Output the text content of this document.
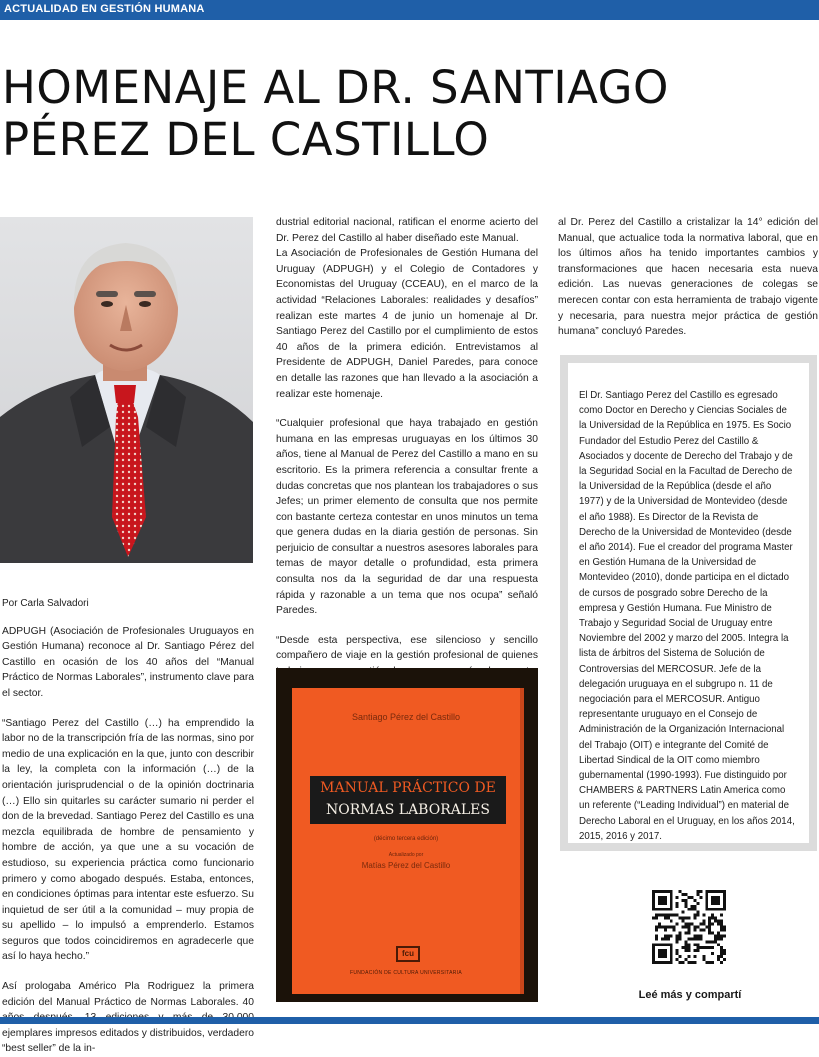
ACTUALIDAD EN GESTIÓN HUMANA
HOMENAJE AL DR. SANTIAGO PÉREZ DEL CASTILLO

Por Carla Salvadori

ADPUGH (Asociación de Profesionales Uruguayos en Gestión Humana) reconoce al Dr. Santiago Pérez del Castillo en ocasión de los 40 años del “Manual Práctico de Normas Laborales”, instrumento clave para el sector.

“Santiago Perez del Castillo (…) ha emprendido la labor no de la transcripción fría de las normas, sino por medio de una explicación en la que, junto con describir la ley, la completa con la información (…) de la orientación jurisprudencial o de la opinión doctrinaria (…) Ello sin quitarles su carácter sumario ni perder el don de la brevedad. Santiago Perez del Castillo es una mezcla equilibrada de hombre de pensamiento y hombre de acción, ya que une a su vocación de estudioso, su experiencia práctica como funcionario primero y como abogado después. Estaba, entonces, en condiciones óptimas para intentar este esfuerzo. Su inquietud de ser útil a la comunidad – muy propia de su apellido – lo impulsó a emprenderlo. Estamos seguros que todos coincidiremos en agradecerle que así lo haya hecho.”

Así prologaba Américo Pla Rodriguez la primera edición del Manual Práctico de Normas Laborales. 40 ejemplares impresos editados y distribuidos, verdadero “best seller” de la in-

dustrial editorial nacional, ratifican el enorme acierto del Dr. Perez del Castillo al haber diseñado este Manual.

La Asociación de Profesionales de Gestión Humana del Uruguay (ADPUGH) y el Colegio de Contadores y Economistas del Uruguay (CCEAU), en el marco de la actividad “Relaciones Laborales: realidades y desafíos” realizan este martes 4 de junio un homenaje al Dr. Santiago Perez del Castillo por el cumplimiento de estos 40 años de la primera edición. Entrevistamos al Presidente de ADPUGH, Daniel Paredes, para conoce en detalle las razones que han llevado a la asociación a realizar este homenaje.

“Cualquier profesional que haya trabajado en gestión humana en las empresas uruguayas en los últimos 30 años, tiene al Manual de Perez del Castillo a mano en su escritorio. Es la primera referencia a consultar frente a dudas concretas que nos plantean los trabajadores o sus Jefes; un primer elemento de consulta que nos permite con bastante certeza contestar en unos minutos un tema que genera dudas en la diaria gestión de personas. Sin perjuicio de consultar a nuestros asesores laborales para temas de mayor detalle o profundidad, esta primera consulta nos da la seguridad de dar una respuesta rápida y razonable a un tema que nos ocupa” señaló Paredes.

“Desde esta perspectiva, ese silencioso y sencillo compañero de viaje en la gestión profesional de quienes

Santiago Pérez del Castillo
MANUAL PRÁCTICO DE
NORMAS LABORALES
(décimo tercera edición)
Actualizado por
Matías Pérez del Castillo
fcu
FUNDACIÓN DE CULTURA UNIVERSITARIA

al Dr. Perez del Castillo a cristalizar la 14° edición del Manual, que actualice toda la normativa laboral, que en los últimos años ha tenido importantes cambios y transformaciones que hacen necesaria esta nueva edición. Las nuevas generaciones de colegas se merecen contar con esta herramienta de trabajo vigente y necesaria, para nuestra mejor práctica de gestión humana” concluyó Paredes.

El Dr. Santiago Perez del Castillo es egresado como Doctor en Derecho y Ciencias Sociales de la Universidad de la República en 1975. Es Socio Fundador del Estudio Perez del Castillo & Asociados y docente de Derecho del Trabajo y de la Seguridad Social en la Facultad de Derecho de la Universidad de la República (desde el año 1977) y de la Universidad de Montevideo (desde el año 1988). Es Director de la Revista de Derecho de la Universidad de Montevideo (desde el año 2014). Fue el creador del programa Master en Gestión Humana de la Universidad de Montevideo (2010), donde participa en el dictado de cursos de posgrado sobre Derecho de la empresa y Gestión Humana. Fue Ministro de Trabajo y Seguridad Social de Uruguay entre Noviembre del 2002 y marzo del 2005. Integra la lista de árbitros del Sistema de Solución de Controversias del MERCOSUR. Jefe de la delegación uruguaya en el subgrupo n. 11 de negociación para el MERCOSUR. Antiguo representante uruguayo en el Consejo de Administración de la Organización Internacional del Trabajo (OIT) e integrante del Comité de Libertad Sindical de la OIT como miembro gubernamental (1990-1993). Fue distinguido por CHAMBERS & PARTNERS Latin America como un referente (“Leading Individual”) en material de Derecho Laboral en el Uruguay, en los años 2014, 2015, 2016 y 2017.
Leé más y compartí
